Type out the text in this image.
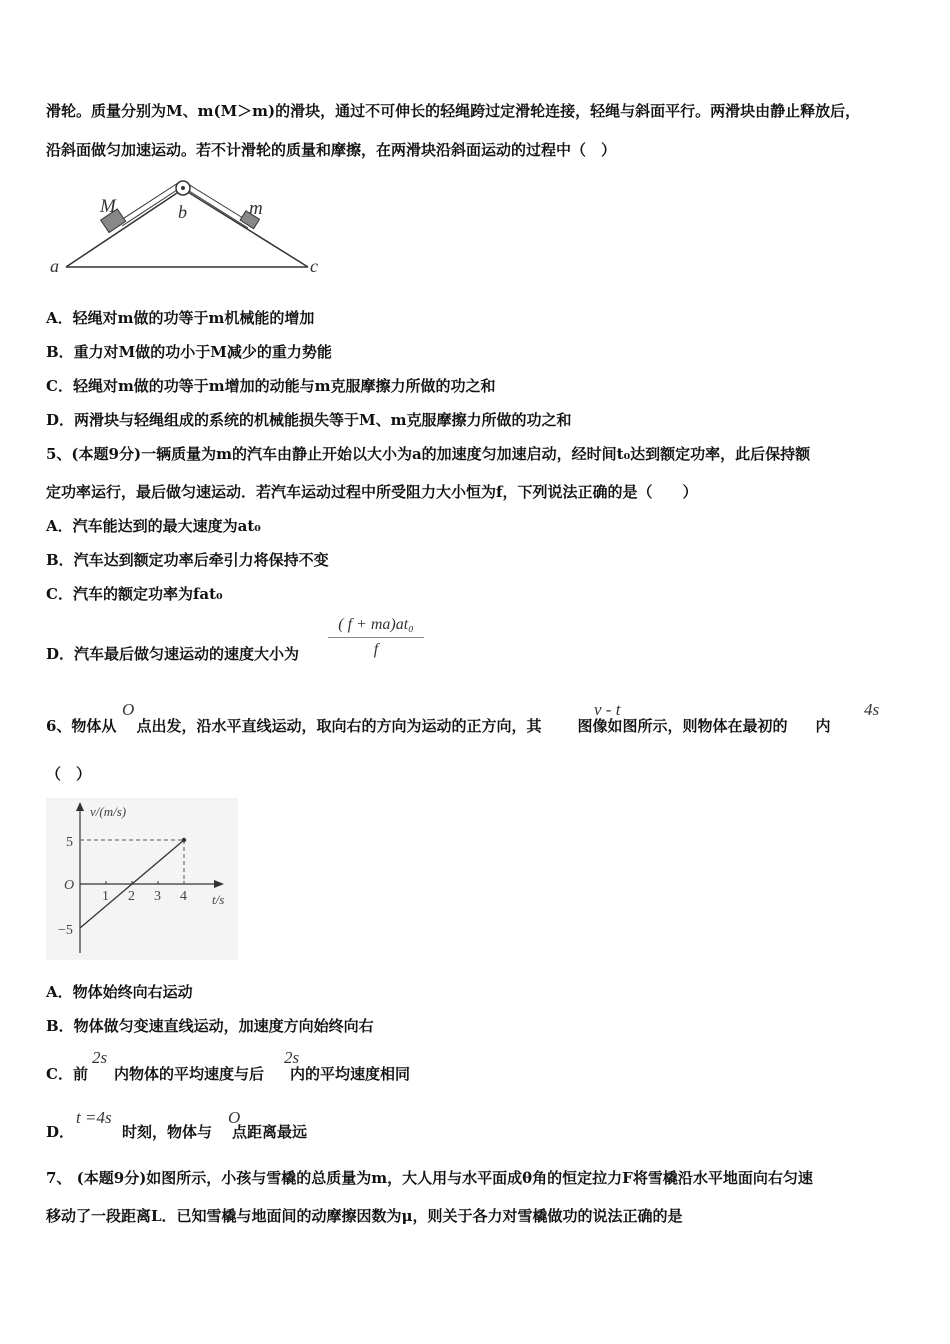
滑轮。质量分别为M、m(M＞m)的滑块，通过不可伸长的轻绳跨过定滑轮连接，轻绳与斜面平行。两滑块由静止释放后，
沿斜面做匀加速运动。若不计滑轮的质量和摩擦，在两滑块沿斜面运动的过程中（　）
M	m
b
a	c
A．轻绳对m做的功等于m机械能的增加
B．重力对M做的功小于M减少的重力势能
C．轻绳对m做的功等于m增加的动能与m克服摩擦力所做的功之和
D．两滑块与轻绳组成的系统的机械能损失等于M、m克服摩擦力所做的功之和
5、(本题9分)一辆质量为m的汽车由静止开始以大小为a的加速度匀加速启动，经时间t₀达到额定功率，此后保持额
定功率运行，最后做匀速运动．若汽车运动过程中所受阻力大小恒为f，下列说法正确的是（　　）
A．汽车能达到的最大速度为at₀
B．汽车达到额定功率后牵引力将保持不变
C．汽车的额定功率为fat₀
D．汽车最后做匀速运动的速度大小为
( f + ma)at₀
f
6、物体从 点出发，沿水平直线运动，取向右的方向为运动的正方向，其 图像如图所示，则物体在最初的 内
O	v - t	4s
（　）
v/(m/s)
t/s
O
5
−5
1 2 3 4
A．物体始终向右运动
B．物体做匀变速直线运动，加速度方向始终向右
C．前 内物体的平均速度与后 内的平均速度相同
2s	2s
D．	时刻，物体与 点距离最远
t =4s	O
7、 (本题9分)如图所示，小孩与雪橇的总质量为m，大人用与水平面成θ角的恒定拉力F将雪橇沿水平地面向右匀速
移动了一段距离L．已知雪橇与地面间的动摩擦因数为μ，则关于各力对雪橇做功的说法正确的是
